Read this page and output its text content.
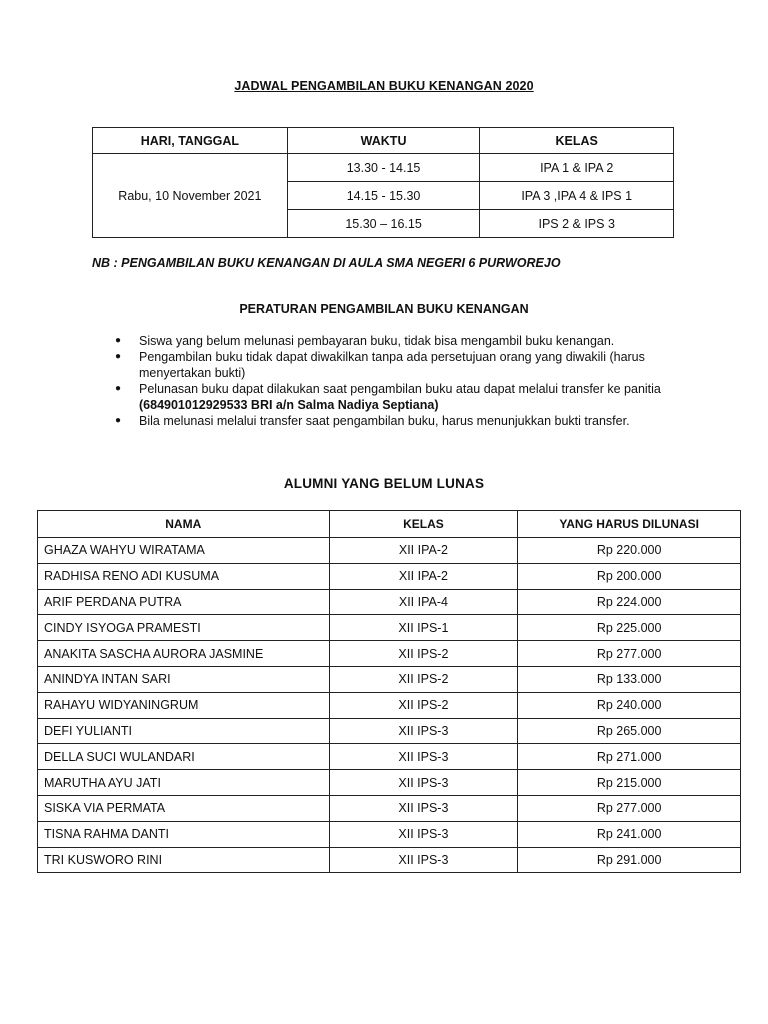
JADWAL PENGAMBILAN BUKU KENANGAN 2020
HARI, TANGGAL	WAKTU	KELAS
Rabu, 10 November 2021	13.30 - 14.15	IPA 1 & IPA 2
	14.15 - 15.30	IPA 3 ,IPA 4 & IPS 1
	15.30 – 16.15	IPS 2 & IPS 3
NB : PENGAMBILAN BUKU KENANGAN DI AULA SMA NEGERI 6 PURWOREJO
PERATURAN PENGAMBILAN BUKU KENANGAN
● Siswa yang belum melunasi pembayaran buku, tidak bisa mengambil buku kenangan.
● Pengambilan buku tidak dapat diwakilkan tanpa ada persetujuan orang yang diwakili (harus menyertakan bukti)
● Pelunasan buku dapat dilakukan saat pengambilan buku atau dapat melalui transfer ke panitia (684901012929533 BRI a/n Salma Nadiya Septiana)
● Bila melunasi melalui transfer saat pengambilan buku, harus menunjukkan bukti transfer.
ALUMNI YANG BELUM LUNAS
NAMA	KELAS	YANG HARUS DILUNASI
GHAZA WAHYU WIRATAMA	XII IPA-2	Rp 220.000
RADHISA RENO ADI KUSUMA	XII IPA-2	Rp 200.000
ARIF PERDANA PUTRA	XII IPA-4	Rp 224.000
CINDY ISYOGA PRAMESTI	XII IPS-1	Rp 225.000
ANAKITA SASCHA AURORA JASMINE	XII IPS-2	Rp 277.000
ANINDYA INTAN SARI	XII IPS-2	Rp 133.000
RAHAYU WIDYANINGRUM	XII IPS-2	Rp 240.000
DEFI YULIANTI	XII IPS-3	Rp 265.000
DELLA SUCI WULANDARI	XII IPS-3	Rp 271.000
MARUTHA AYU JATI	XII IPS-3	Rp 215.000
SISKA VIA PERMATA	XII IPS-3	Rp 277.000
TISNA RAHMA DANTI	XII IPS-3	Rp 241.000
TRI KUSWORO RINI	XII IPS-3	Rp 291.000
